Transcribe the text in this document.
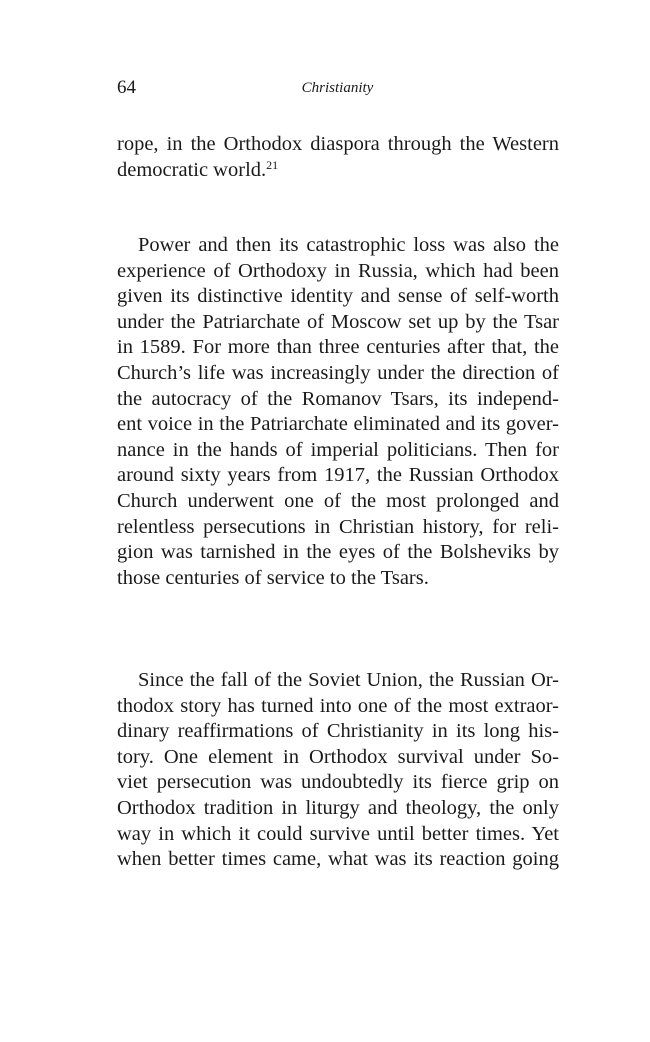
64	Christianity
rope, in the Orthodox diaspora through the Western
democratic world.$^{21}$
Power and then its catastrophic loss was also the
experience of Orthodoxy in Russia, which had been
given its distinctive identity and sense of self-worth
under the Patriarchate of Moscow set up by the Tsar
in 1589. For more than three centuries after that, the
Church’s life was increasingly under the direction of
the autocracy of the Romanov Tsars, its independ-
ent voice in the Patriarchate eliminated and its gover-
nance in the hands of imperial politicians. Then for
around sixty years from 1917, the Russian Orthodox
Church underwent one of the most prolonged and
relentless persecutions in Christian history, for reli-
gion was tarnished in the eyes of the Bolsheviks by
those centuries of service to the Tsars.
Since the fall of the Soviet Union, the Russian Or-
thodox story has turned into one of the most extraor-
dinary reaffirmations of Christianity in its long his-
tory. One element in Orthodox survival under So-
viet persecution was undoubtedly its fierce grip on
Orthodox tradition in liturgy and theology, the only
way in which it could survive until better times. Yet
when better times came, what was its reaction going
